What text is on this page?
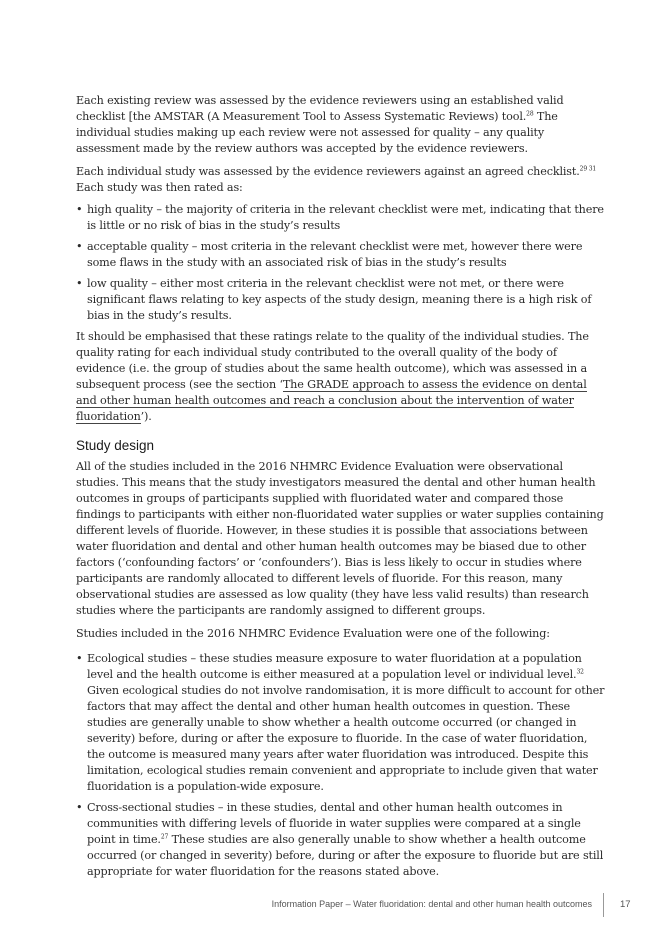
Each existing review was assessed by the evidence reviewers using an established valid checklist [the AMSTAR (A Measurement Tool to Assess Systematic Reviews) tool.$^{28}$ The individual studies making up each review were not assessed for quality – any quality assessment made by the review authors was accepted by the evidence reviewers.

Each individual study was assessed by the evidence reviewers against an agreed checklist.$^{29 31}$
Each study was then rated as:

• high quality – the majority of criteria in the relevant checklist were met, indicating that there is little or no risk of bias in the study’s results
• acceptable quality – most criteria in the relevant checklist were met, however there were some flaws in the study with an associated risk of bias in the study’s results
• low quality – either most criteria in the relevant checklist were not met, or there were significant flaws relating to key aspects of the study design, meaning there is a high risk of bias in the study’s results.

It should be emphasised that these ratings relate to the quality of the individual studies. The quality rating for each individual study contributed to the overall quality of the body of evidence (i.e. the group of studies about the same health outcome), which was assessed in a subsequent process (see the section ‘The GRADE approach to assess the evidence on dental and other human health outcomes and reach a conclusion about the intervention of water fluoridation’).

Study design

All of the studies included in the 2016 NHMRC Evidence Evaluation were observational studies. This means that the study investigators measured the dental and other human health outcomes in groups of participants supplied with fluoridated water and compared those findings to participants with either non-fluoridated water supplies or water supplies containing different levels of fluoride. However, in these studies it is possible that associations between water fluoridation and dental and other human health outcomes may be biased due to other factors (‘confounding factors’ or ‘confounders’). Bias is less likely to occur in studies where participants are randomly allocated to different levels of fluoride. For this reason, many observational studies are assessed as low quality (they have less valid results) than research studies where the participants are randomly assigned to different groups.

Studies included in the 2016 NHMRC Evidence Evaluation were one of the following:

• Ecological studies – these studies measure exposure to water fluoridation at a population level and the health outcome is either measured at a population level or individual level.$^{32}$ Given ecological studies do not involve randomisation, it is more difficult to account for other factors that may affect the dental and other human health outcomes in question. These studies are generally unable to show whether a health outcome occurred (or changed in severity) before, during or after the exposure to fluoride. In the case of water fluoridation, the outcome is measured many years after water fluoridation was introduced. Despite this limitation, ecological studies remain convenient and appropriate to include given that water fluoridation is a population-wide exposure.
• Cross-sectional studies – in these studies, dental and other human health outcomes in communities with differing levels of fluoride in water supplies were compared at a single point in time.$^{27}$ These studies are also generally unable to show whether a health outcome occurred (or changed in severity) before, during or after the exposure to fluoride but are still appropriate for water fluoridation for the reasons stated above.
Information Paper – Water fluoridation: dental and other human health outcomes	17
